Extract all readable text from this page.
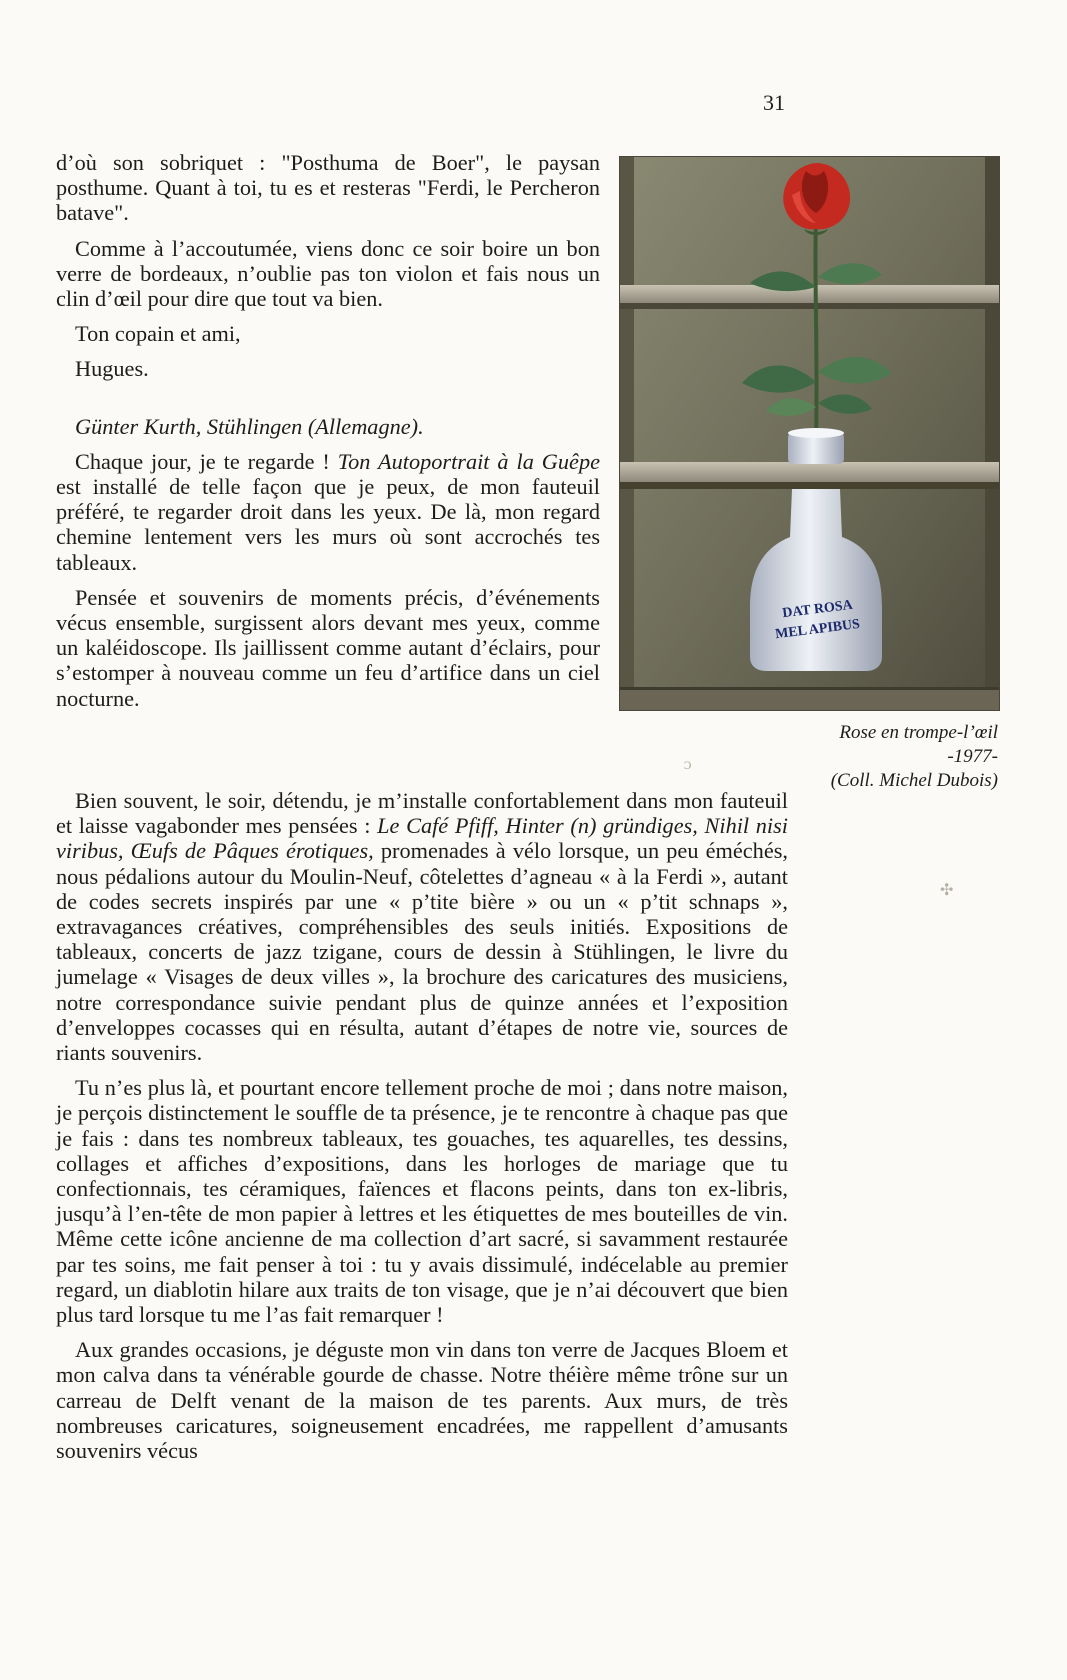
31

d’où son sobriquet : "Posthuma de Boer", le paysan posthume. Quant à toi, tu es et resteras "Ferdi, le Percheron batave".

Comme à l’accoutumée, viens donc ce soir boire un bon verre de bordeaux, n’oublie pas ton violon et fais nous un clin d’œil pour dire que tout va bien.

Ton copain et ami,

Hugues.

Günter Kurth, Stühlingen (Allemagne).

Chaque jour, je te regarde ! Ton Autoportrait à la Guêpe est installé de telle façon que je peux, de mon fauteuil préféré, te regarder droit dans les yeux. De là, mon regard chemine lentement vers les murs où sont accrochés tes tableaux.

Pensée et souvenirs de moments précis, d’événements vécus ensemble, surgissent alors devant mes yeux, comme un kaléidoscope. Ils jaillissent comme autant d’éclairs, pour s’estomper à nouveau comme un feu d’artifice dans un ciel nocturne.

Bien souvent, le soir, détendu, je m’installe confortablement dans mon fauteuil et laisse vagabonder mes pensées : Le Café Pfiff, Hinter (n) gründiges, Nihil nisi viribus, Œufs de Pâques érotiques, promenades à vélo lorsque, un peu éméchés, nous pédalions autour du Moulin-Neuf, côtelettes d’agneau « à la Ferdi », autant de codes secrets inspirés par une « p’tite bière » ou un « p’tit schnaps », extravagances créatives, compréhensibles des seuls initiés. Expositions de tableaux, concerts de jazz tzigane, cours de dessin à Stühlingen, le livre du jumelage « Visages de deux villes », la brochure des caricatures des musiciens, notre correspondance suivie pendant plus de quinze années et l’exposition d’enveloppes cocasses qui en résulta, autant d’étapes de notre vie, sources de riants souvenirs.

Tu n’es plus là, et pourtant encore tellement proche de moi ; dans notre maison, je perçois distinctement le souffle de ta présence, je te rencontre à chaque pas que je fais : dans tes nombreux tableaux, tes gouaches, tes aquarelles, tes dessins, collages et affiches d’expositions, dans les horloges de mariage que tu confectionnais, tes céramiques, faïences et flacons peints, dans ton ex-libris, jusqu’à l’en-tête de mon papier à lettres et les étiquettes de mes bouteilles de vin. Même cette icône ancienne de ma collection d’art sacré, si savamment restaurée par tes soins, me fait penser à toi : tu y avais dissimulé, indécelable au premier regard, un diablotin hilare aux traits de ton visage, que je n’ai découvert que bien plus tard lorsque tu me l’as fait remarquer !

Aux grandes occasions, je déguste mon vin dans ton verre de Jacques Bloem et mon calva dans ta vénérable gourde de chasse. Notre théière même trône sur un carreau de Delft venant de la maison de tes parents. Aux murs, de très nombreuses caricatures, soigneusement encadrées, me rappellent d’amusants souvenirs vécus

DAT ROSA
MEL APIBUS
Rose en trompe-l’œil
-1977-
(Coll. Michel Dubois)
ᴐ
✣
